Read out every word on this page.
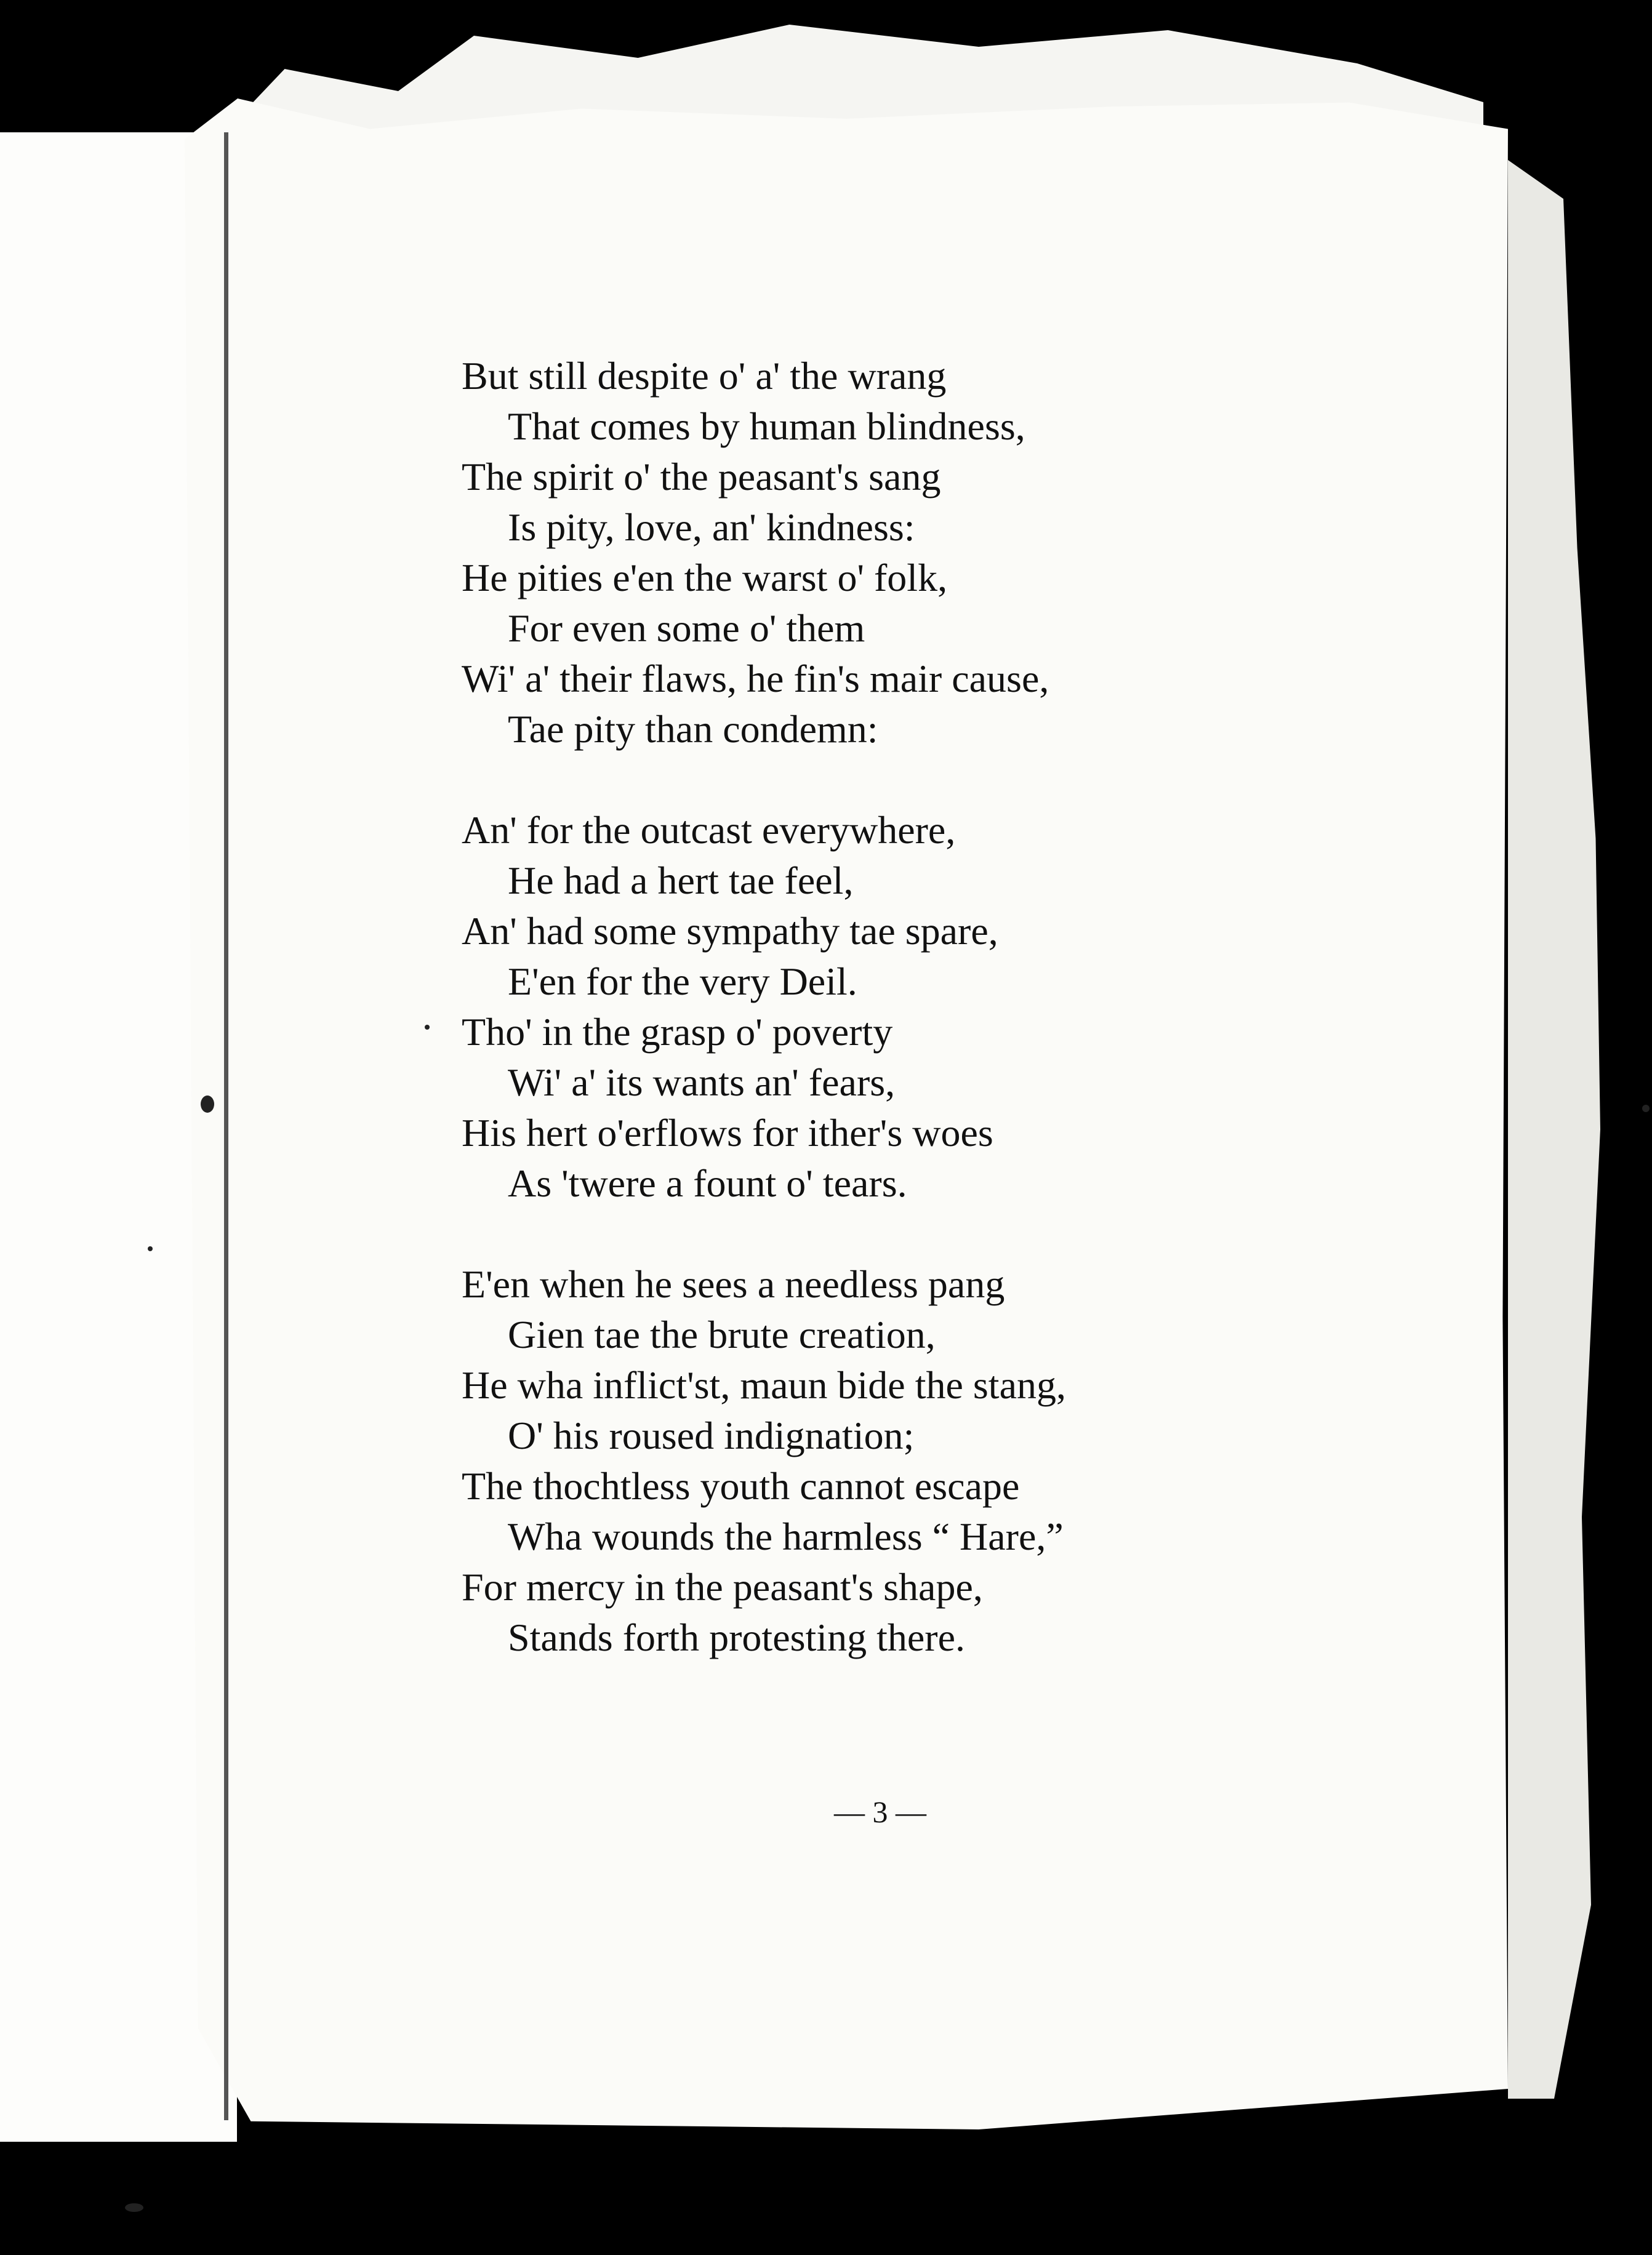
But still despite o' a' the wrang
That comes by human blindness,
The spirit o' the peasant's sang
Is pity, love, an' kindness:
He pities e'en the warst o' folk,
For even some o' them
Wi' a' their flaws, he fin's mair cause,
Tae pity than condemn:
An' for the outcast everywhere,
He had a hert tae feel,
An' had some sympathy tae spare,
E'en for the very Deil.
Tho' in the grasp o' poverty
Wi' a' its wants an' fears,
His hert o'erflows for ither's woes
As 'twere a fount o' tears.
E'en when he sees a needless pang
Gien tae the brute creation,
He wha inflict'st, maun bide the stang,
O' his roused indignation;
The thochtless youth cannot escape
Wha wounds the harmless “ Hare,”
For mercy in the peasant's shape,
Stands forth protesting there.
— 3 —
